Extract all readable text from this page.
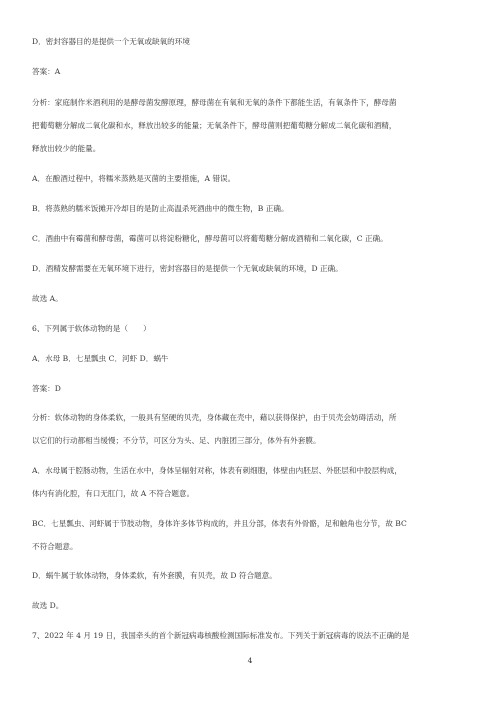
D．密封容器目的是提供一个无氧或缺氧的环境
答案：A
分析：家庭制作米酒利用的是酵母菌发酵原理，酵母菌在有氧和无氧的条件下都能生活，有氧条件下，酵母菌
把葡萄糖分解成二氧化碳和水，释放出较多的能量；无氧条件下，酵母菌则把葡萄糖分解成二氧化碳和酒精，
释放出较少的能量。
A．在酿酒过程中，将糯米蒸熟是灭菌的主要措施，A 错误。
B．将蒸熟的糯米饭摊开冷却目的是防止高温杀死酒曲中的微生物，B 正确。
C．酒曲中有霉菌和酵母菌，霉菌可以将淀粉糖化，酵母菌可以将葡萄糖分解成酒精和二氧化碳，C 正确。
D．酒精发酵需要在无氧环境下进行，密封容器目的是提供一个无氧或缺氧的环境，D 正确。
故选 A。
6、下列属于软体动物的是（　　）
A．水母 B．七星瓢虫 C．河虾 D．蜗牛
答案：D
分析：软体动物的身体柔软，一般具有坚硬的贝壳，身体藏在壳中，藉以获得保护，由于贝壳会妨碍活动，所
以它们的行动都相当缓慢；不分节，可区分为头、足、内脏团三部分，体外有外套膜。
A．水母属于腔肠动物，生活在水中，身体呈辐射对称，体表有刺细胞，体壁由内胚层、外胚层和中胶层构成，
体内有消化腔，有口无肛门，故 A 不符合题意。
BC．七星瓢虫、河虾属于节肢动物，身体许多体节构成的，并且分部，体表有外骨骼，足和触角也分节，故 BC
不符合题意。
D．蜗牛属于软体动物，身体柔软，有外套膜，有贝壳，故 D 符合题意。
故选 D。
7、2022 年 4 月 19 日，我国牵头的首个新冠病毒核酸检测国际标准发布。下列关于新冠病毒的说法不正确的是
4
